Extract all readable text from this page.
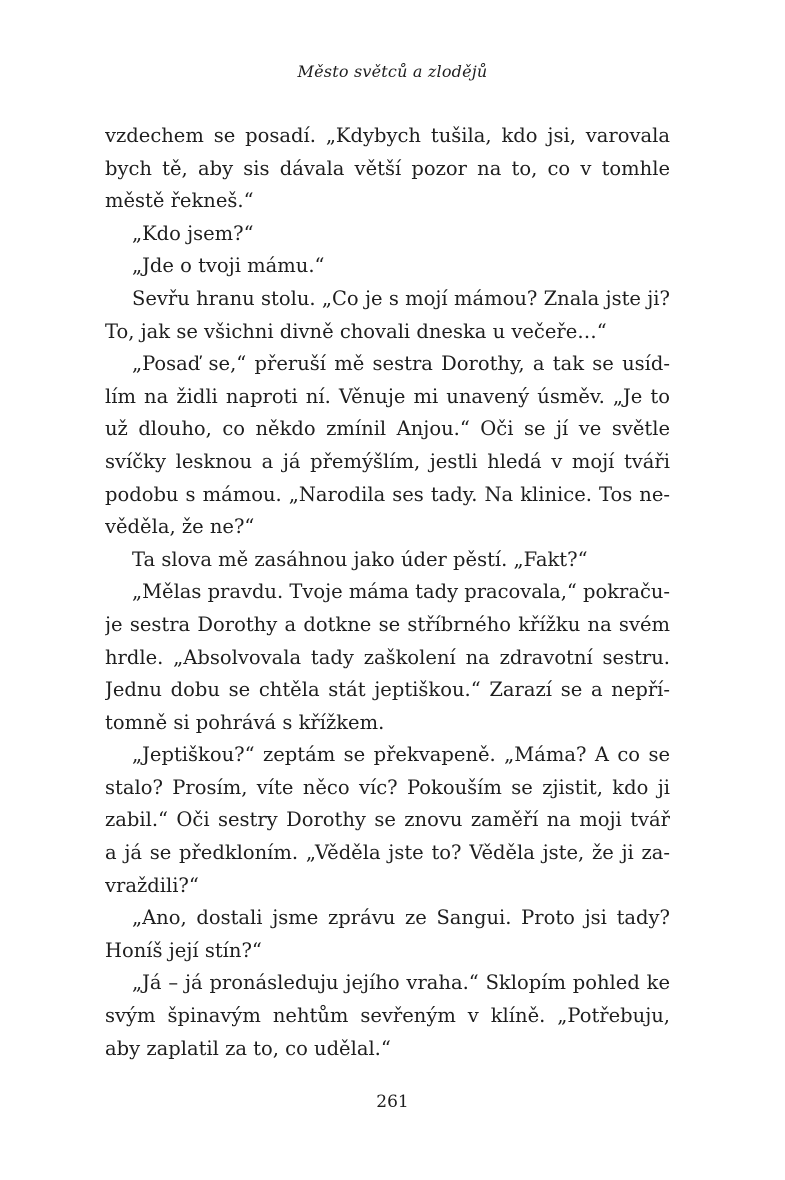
Město světců a zlodějů
vzdechem se posadí. „Kdybych tušila, kdo jsi, varovala
bych tě, aby sis dávala větší pozor na to, co v tomhle
městě řekneš.“
„Kdo jsem?“
„Jde o tvoji mámu.“
Sevřu hranu stolu. „Co je s mojí mámou? Znala jste ji?
To, jak se všichni divně chovali dneska u večeře…“
„Posaď se,“ přeruší mě sestra Dorothy, a tak se usíd-
lím na židli naproti ní. Věnuje mi unavený úsměv. „Je to
už dlouho, co někdo zmínil Anjou.“ Oči se jí ve světle
svíčky lesknou a já přemýšlím, jestli hledá v mojí tváři
podobu s mámou. „Narodila ses tady. Na klinice. Tos ne-
věděla, že ne?“
Ta slova mě zasáhnou jako úder pěstí. „Fakt?“
„Mělas pravdu. Tvoje máma tady pracovala,“ pokraču-
je sestra Dorothy a dotkne se stříbrného křížku na svém
hrdle. „Absolvovala tady zaškolení na zdravotní sestru.
Jednu dobu se chtěla stát jeptiškou.“ Zarazí se a nepří-
tomně si pohrává s křížkem.
„Jeptiškou?“ zeptám se překvapeně. „Máma? A co se
stalo? Prosím, víte něco víc? Pokouším se zjistit, kdo ji
zabil.“ Oči sestry Dorothy se znovu zaměří na moji tvář
a já se předkloním. „Věděla jste to? Věděla jste, že ji za-
vraždili?“
„Ano, dostali jsme zprávu ze Sangui. Proto jsi tady?
Honíš její stín?“
„Já – já pronásleduju jejího vraha.“ Sklopím pohled ke
svým špinavým nehtům sevřeným v klíně. „Potřebuju,
aby zaplatil za to, co udělal.“
261
